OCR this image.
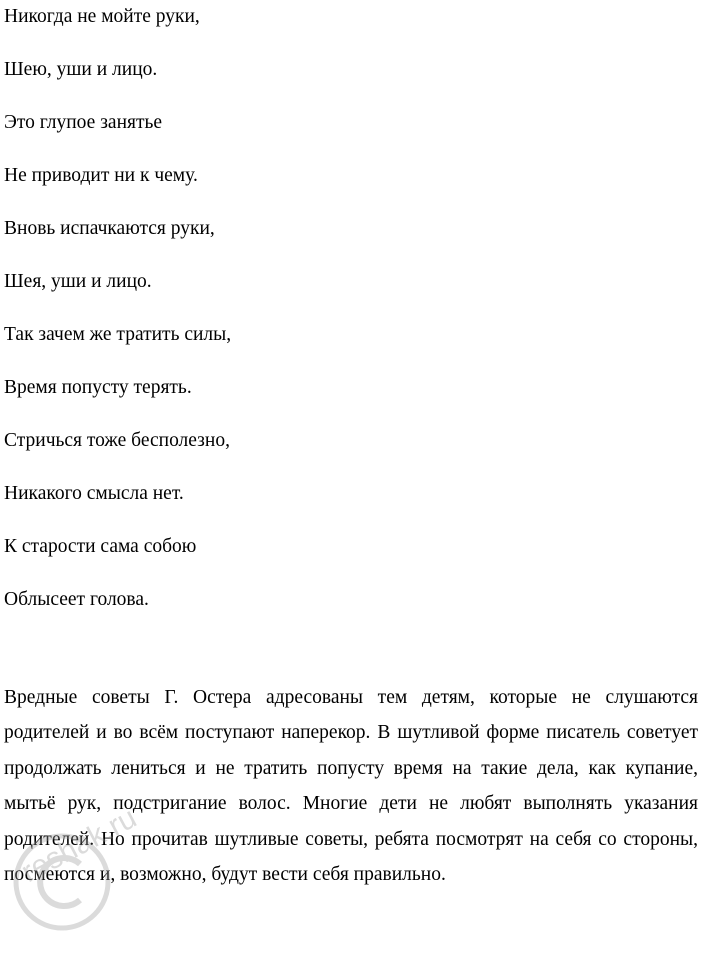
Никогда не мойте руки,
Шею, уши и лицо.
Это глупое занятье
Не приводит ни к чему.
Вновь испачкаются руки,
Шея, уши и лицо.
Так зачем же тратить силы,
Время попусту терять.
Стричься тоже бесполезно,
Никакого смысла нет.
К старости сама собою
Облысеет голова.

Вредные советы Г. Остера адресованы тем детям, которые не слушаются родителей и во всём поступают наперекор. В шутливой форме писатель советует продолжать лениться и не тратить попусту время на такие дела, как купание, мытьё рук, подстригание волос. Многие дети не любят выполнять указания родителей. Но прочитав шутливые советы, ребята посмотрят на себя со стороны, посмеются и, возможно, будут вести себя правильно.

reshak.ru
